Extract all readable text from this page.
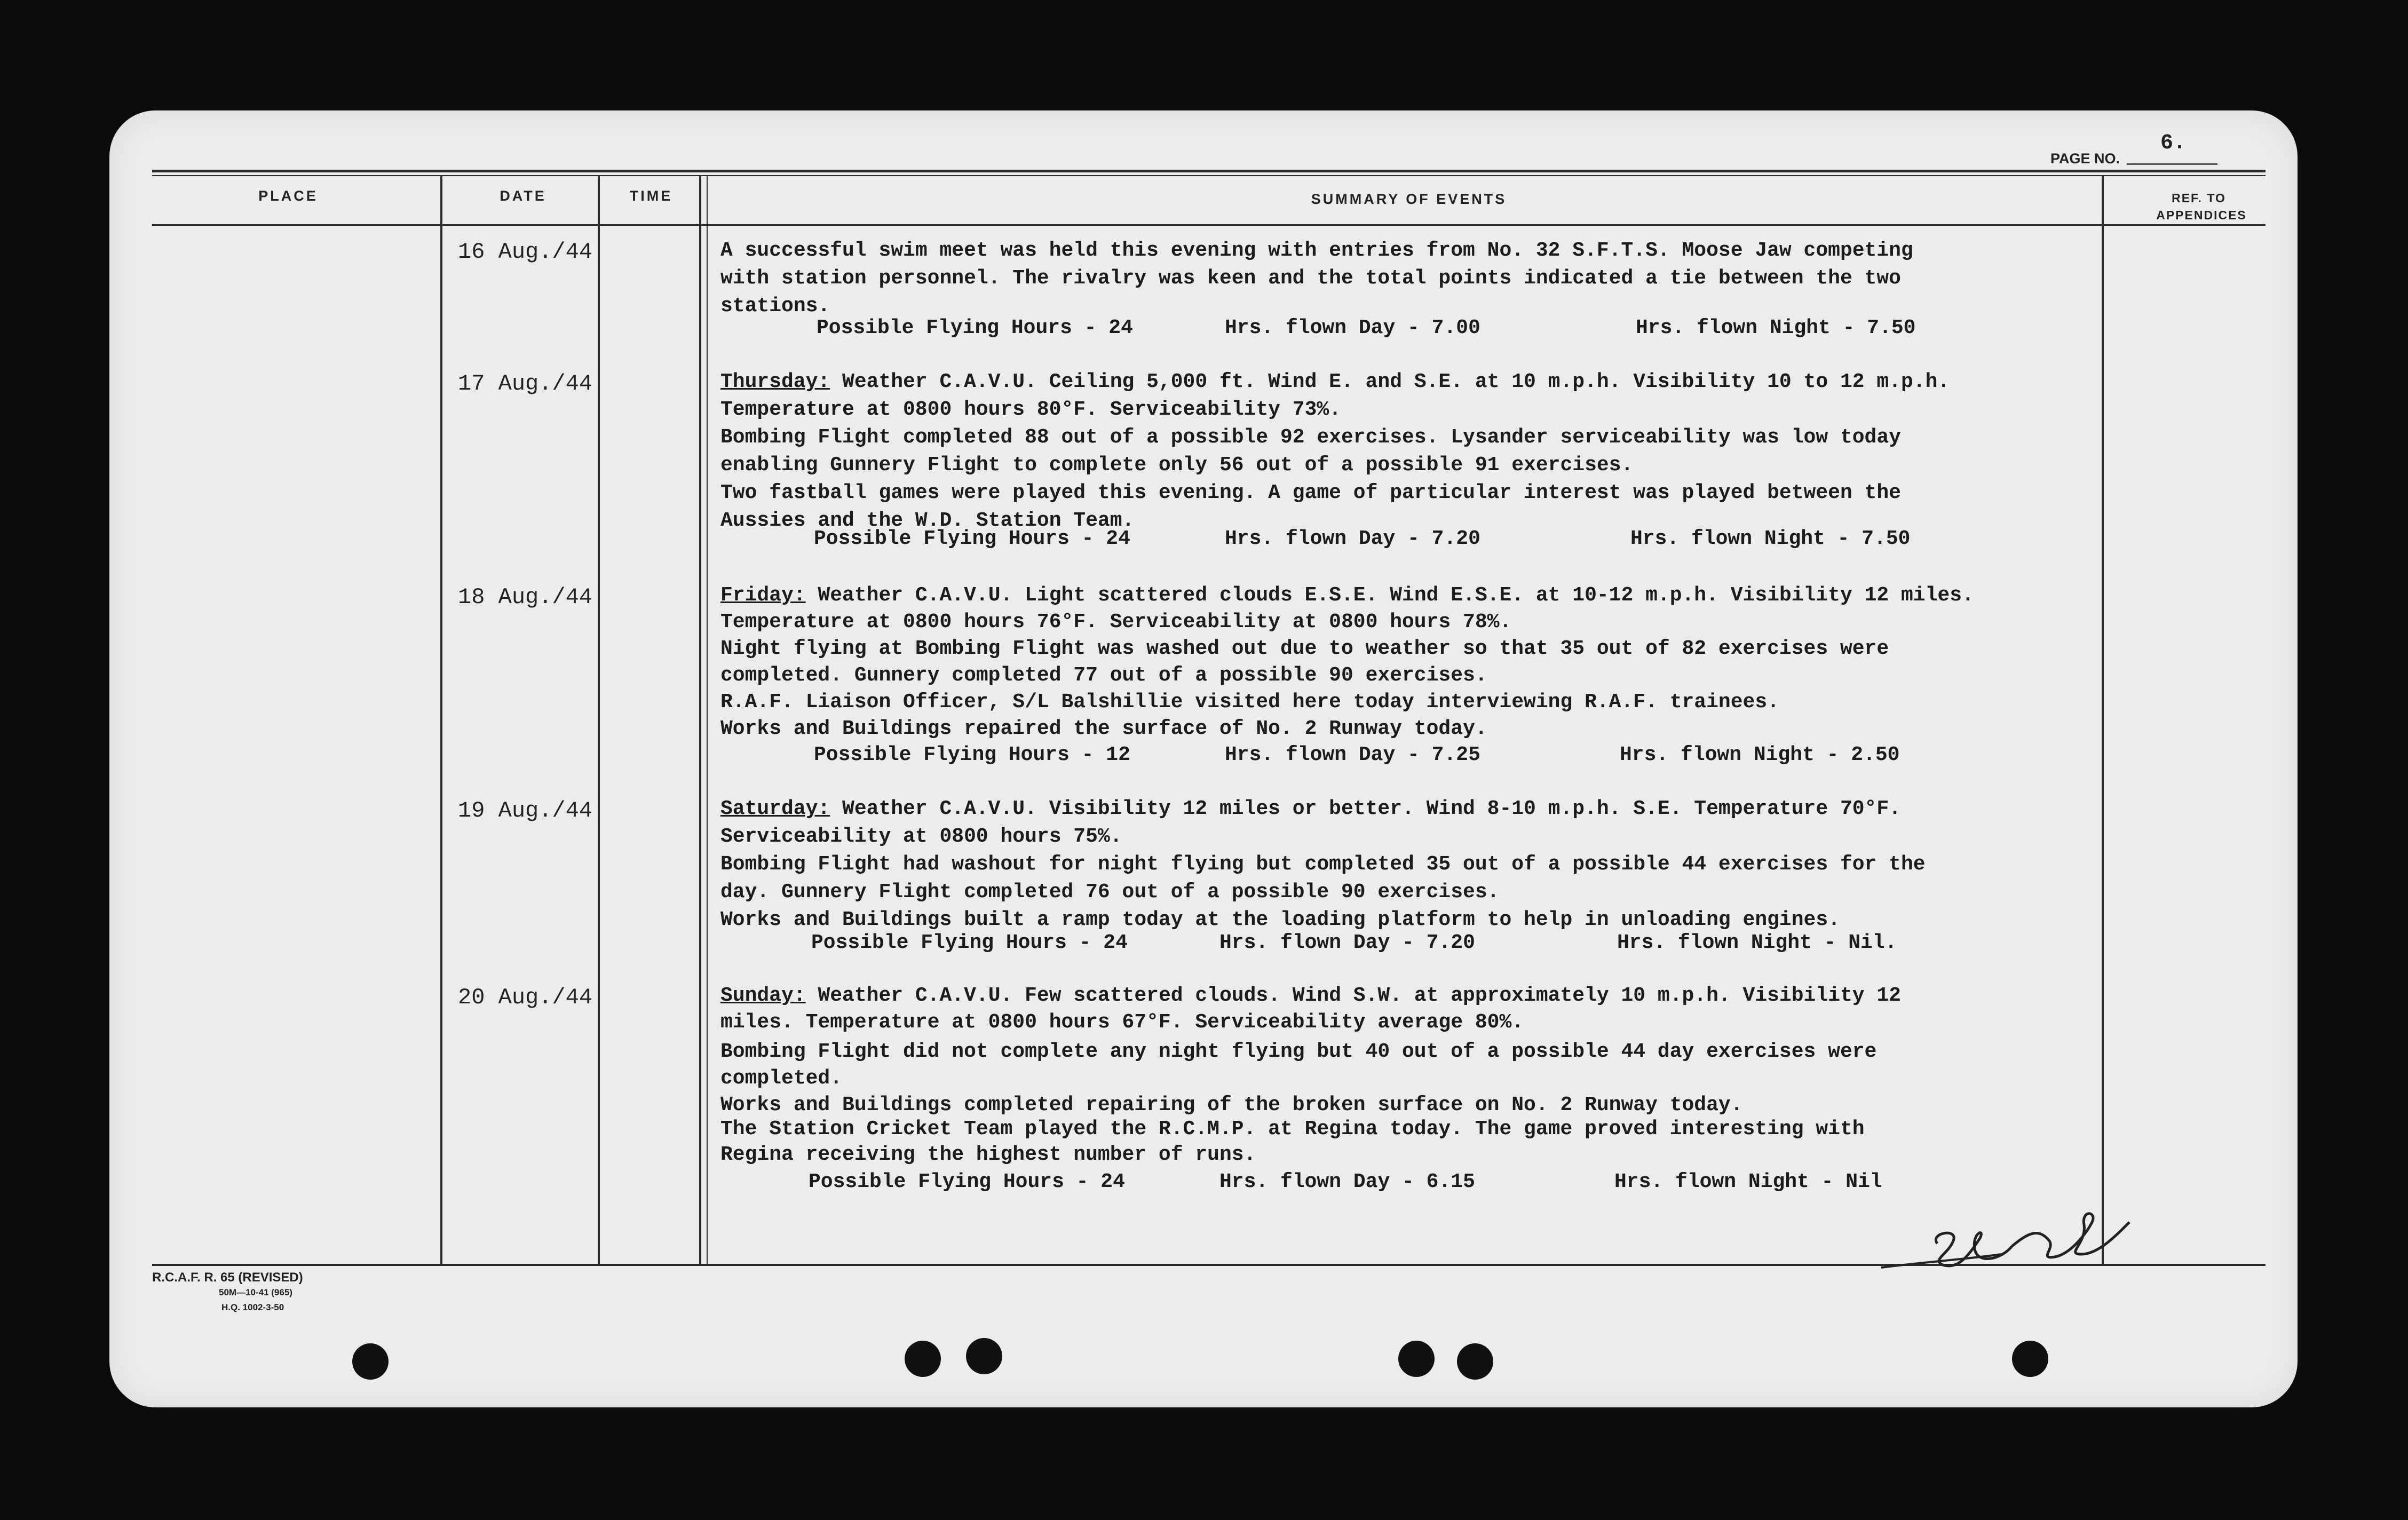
PAGE NO.
6.
PLACE	DATE	TIME	SUMMARY OF EVENTS	REF. TO
APPENDICES
16 Aug./44	A successful swim meet was held this evening with entries from No. 32 S.F.T.S. Moose Jaw competing
with station personnel. The rivalry was keen and the total points indicated a tie between the two
stations.
Possible Flying Hours - 24	Hrs. flown Day - 7.00	Hrs. flown Night - 7.50
17 Aug./44	Thursday: Weather C.A.V.U. Ceiling 5,000 ft. Wind E. and S.E. at 10 m.p.h. Visibility 10 to 12 m.p.h.
Temperature at 0800 hours 80°F. Serviceability 73%.
Bombing Flight completed 88 out of a possible 92 exercises. Lysander serviceability was low today
enabling Gunnery Flight to complete only 56 out of a possible 91 exercises.
Two fastball games were played this evening. A game of particular interest was played between the
Aussies and the W.D. Station Team.
Possible Flying Hours - 24	Hrs. flown Day - 7.20	Hrs. flown Night - 7.50
18 Aug./44	Friday: Weather C.A.V.U. Light scattered clouds E.S.E. Wind E.S.E. at 10-12 m.p.h. Visibility 12 miles.
Temperature at 0800 hours 76°F. Serviceability at 0800 hours 78%.
Night flying at Bombing Flight was washed out due to weather so that 35 out of 82 exercises were
completed. Gunnery completed 77 out of a possible 90 exercises.
R.A.F. Liaison Officer, S/L Balshillie visited here today interviewing R.A.F. trainees.
Works and Buildings repaired the surface of No. 2 Runway today.
Possible Flying Hours - 12	Hrs. flown Day - 7.25	Hrs. flown Night - 2.50
19 Aug./44	Saturday: Weather C.A.V.U. Visibility 12 miles or better. Wind 8-10 m.p.h. S.E. Temperature 70°F.
Serviceability at 0800 hours 75%.
Bombing Flight had washout for night flying but completed 35 out of a possible 44 exercises for the
day. Gunnery Flight completed 76 out of a possible 90 exercises.
Works and Buildings built a ramp today at the loading platform to help in unloading engines.
Possible Flying Hours - 24	Hrs. flown Day - 7.20	Hrs. flown Night - Nil.
20 Aug./44	Sunday: Weather C.A.V.U. Few scattered clouds. Wind S.W. at approximately 10 m.p.h. Visibility 12
miles. Temperature at 0800 hours 67°F. Serviceability average 80%.
Bombing Flight did not complete any night flying but 40 out of a possible 44 day exercises were
completed.
Works and Buildings completed repairing of the broken surface on No. 2 Runway today.
The Station Cricket Team played the R.C.M.P. at Regina today. The game proved interesting with
Regina receiving the highest number of runs.
Possible Flying Hours - 24	Hrs. flown Day - 6.15	Hrs. flown Night - Nil
R.C.A.F. R. 65 (REVISED)
50M—10-41 (965)
H.Q. 1002-3-50
